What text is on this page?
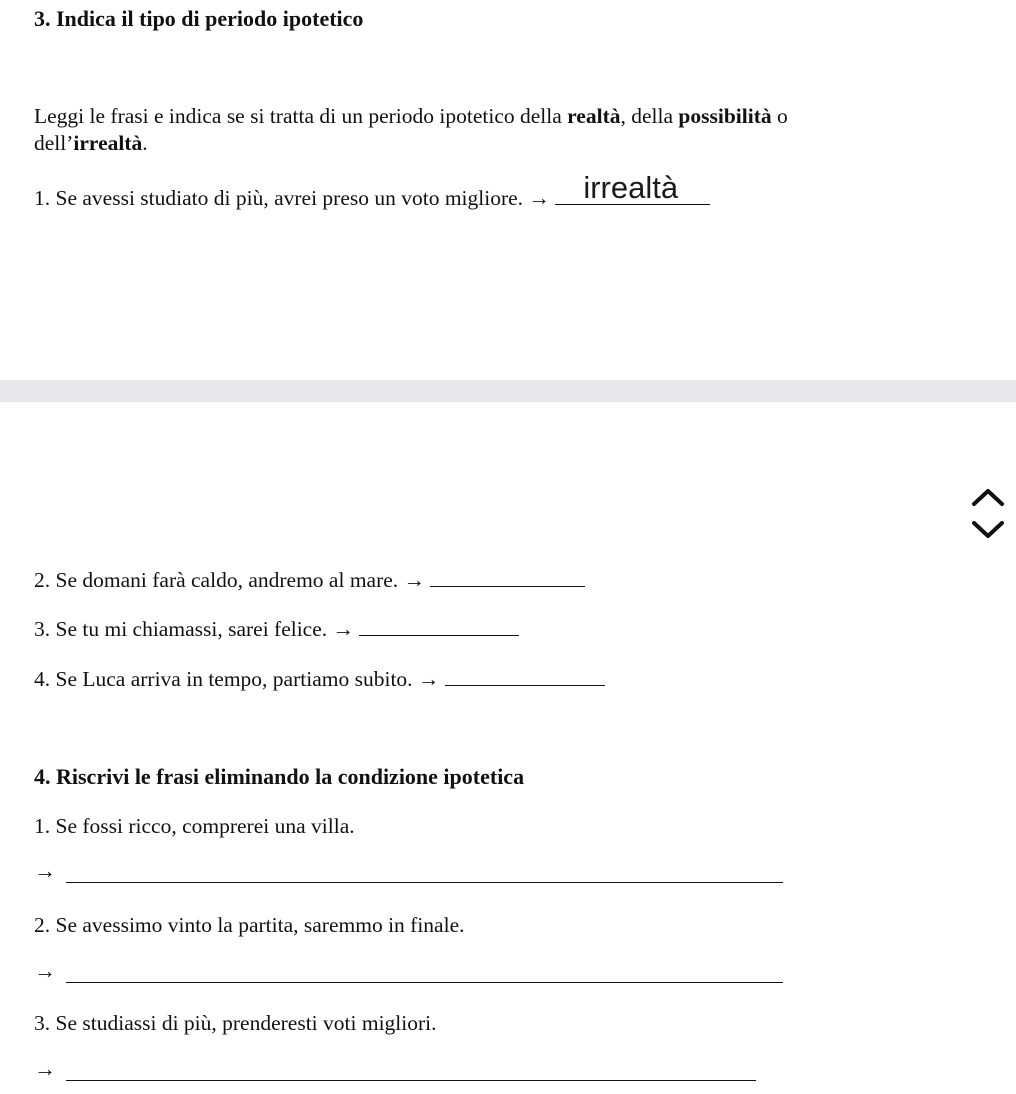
3. Indica il tipo di periodo ipotetico
Leggi le frasi e indica se si tratta di un periodo ipotetico della realtà, della possibilità o
dell’irrealtà.
1. Se avessi studiato di più, avrei preso un voto migliore. → irrealtà
2. Se domani farà caldo, andremo al mare. →
3. Se tu mi chiamassi, sarei felice. →
4. Se Luca arriva in tempo, partiamo subito. →
4. Riscrivi le frasi eliminando la condizione ipotetica
1. Se fossi ricco, comprerei una villa.
→
2. Se avessimo vinto la partita, saremmo in finale.
→
3. Se studiassi di più, prenderesti voti migliori.
→
